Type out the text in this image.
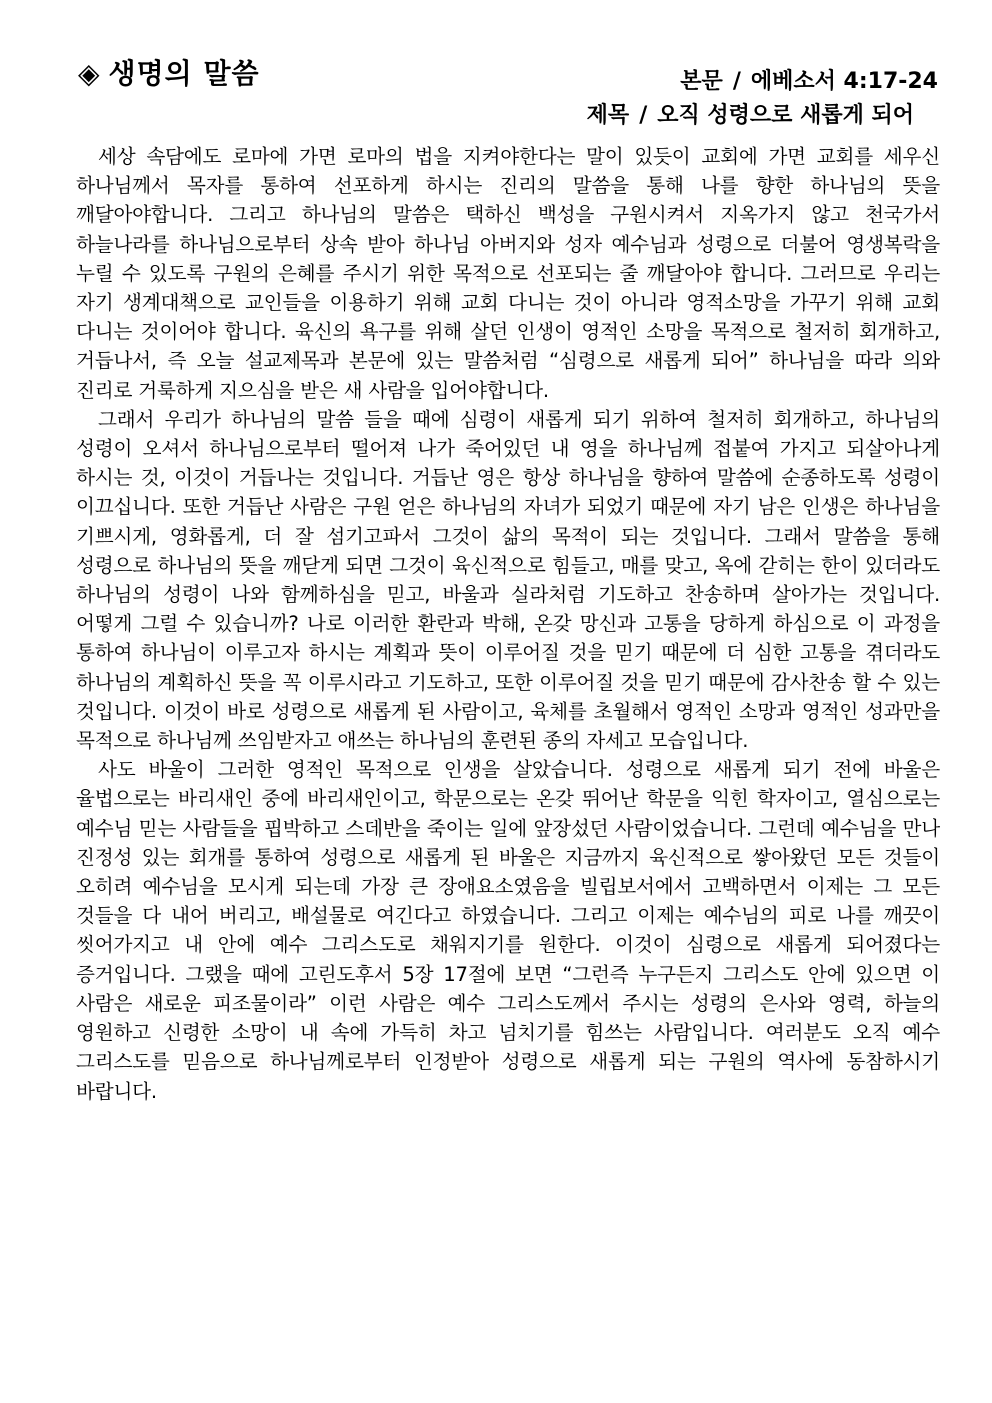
◈ 생명의 말씀	본문 / 에베소서 4:17-24
제목 / 오직 성령으로 새롭게 되어

세상 속담에도 로마에 가면 로마의 법을 지켜야한다는 말이 있듯이 교회에 가면 교회를 세우신 하나님께서 목자를 통하여 선포하게 하시는 진리의 말씀을 통해 나를 향한 하나님의 뜻을 깨달아야합니다. 그리고 하나님의 말씀은 택하신 백성을 구원시켜서 지옥가지 않고 천국가서 하늘나라를 하나님으로부터 상속 받아 하나님 아버지와 성자 예수님과 성령으로 더불어 영생복락을 누릴 수 있도록 구원의 은혜를 주시기 위한 목적으로 선포되는 줄 깨달아야 합니다. 그러므로 우리는 자기 생계대책으로 교인들을 이용하기 위해 교회 다니는 것이 아니라 영적소망을 가꾸기 위해 교회 다니는 것이어야 합니다. 육신의 욕구를 위해 살던 인생이 영적인 소망을 목적으로 철저히 회개하고, 거듭나서, 즉 오늘 설교제목과 본문에 있는 말씀처럼 “심령으로 새롭게 되어” 하나님을 따라 의와 진리로 거룩하게 지으심을 받은 새 사람을 입어야합니다.

그래서 우리가 하나님의 말씀 들을 때에 심령이 새롭게 되기 위하여 철저히 회개하고, 하나님의 성령이 오셔서 하나님으로부터 떨어져 나가 죽어있던 내 영을 하나님께 접붙여 가지고 되살아나게 하시는 것, 이것이 거듭나는 것입니다. 거듭난 영은 항상 하나님을 향하여 말씀에 순종하도록 성령이 이끄십니다. 또한 거듭난 사람은 구원 얻은 하나님의 자녀가 되었기 때문에 자기 남은 인생은 하나님을 기쁘시게, 영화롭게, 더 잘 섬기고파서 그것이 삶의 목적이 되는 것입니다. 그래서 말씀을 통해 성령으로 하나님의 뜻을 깨닫게 되면 그것이 육신적으로 힘들고, 매를 맞고, 옥에 갇히는 한이 있더라도 하나님의 성령이 나와 함께하심을 믿고, 바울과 실라처럼 기도하고 찬송하며 살아가는 것입니다. 어떻게 그럴 수 있습니까? 나로 이러한 환란과 박해, 온갖 망신과 고통을 당하게 하심으로 이 과정을 통하여 하나님이 이루고자 하시는 계획과 뜻이 이루어질 것을 믿기 때문에 더 심한 고통을 겪더라도 하나님의 계획하신 뜻을 꼭 이루시라고 기도하고, 또한 이루어질 것을 믿기 때문에 감사찬송 할 수 있는 것입니다. 이것이 바로 성령으로 새롭게 된 사람이고, 육체를 초월해서 영적인 소망과 영적인 성과만을 목적으로 하나님께 쓰임받자고 애쓰는 하나님의 훈련된 종의 자세고 모습입니다.

사도 바울이 그러한 영적인 목적으로 인생을 살았습니다. 성령으로 새롭게 되기 전에 바울은 율법으로는 바리새인 중에 바리새인이고, 학문으로는 온갖 뛰어난 학문을 익힌 학자이고, 열심으로는 예수님 믿는 사람들을 핍박하고 스데반을 죽이는 일에 앞장섰던 사람이었습니다. 그런데 예수님을 만나 진정성 있는 회개를 통하여 성령으로 새롭게 된 바울은 지금까지 육신적으로 쌓아왔던 모든 것들이 오히려 예수님을 모시게 되는데 가장 큰 장애요소였음을 빌립보서에서 고백하면서 이제는 그 모든 것들을 다 내어 버리고, 배설물로 여긴다고 하였습니다. 그리고 이제는 예수님의 피로 나를 깨끗이 씻어가지고 내 안에 예수 그리스도로 채워지기를 원한다. 이것이 심령으로 새롭게 되어졌다는 증거입니다. 그랬을 때에 고린도후서 5장 17절에 보면 “그런즉 누구든지 그리스도 안에 있으면 이 사람은 새로운 피조물이라” 이런 사람은 예수 그리스도께서 주시는 성령의 은사와 영력, 하늘의 영원하고 신령한 소망이 내 속에 가득히 차고 넘치기를 힘쓰는 사람입니다. 여러분도 오직 예수 그리스도를 믿음으로 하나님께로부터 인정받아 성령으로 새롭게 되는 구원의 역사에 동참하시기 바랍니다.
